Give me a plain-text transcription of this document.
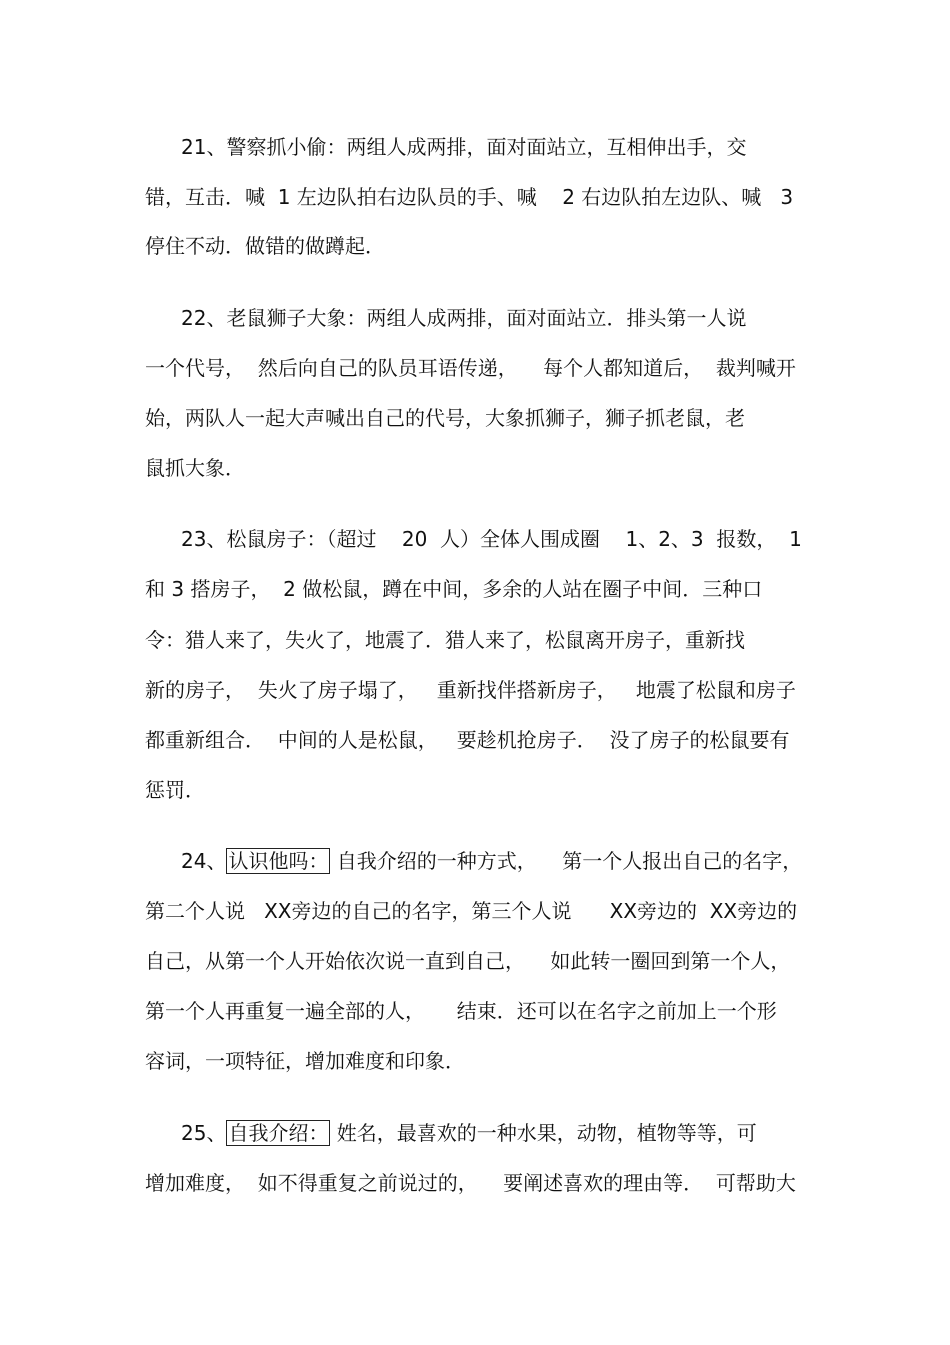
21、警察抓小偷：两组人成两排，面对面站立，互相伸出手，交
错，互击．喊  1 左边队拍右边队员的手、喊    2 右边队拍左边队、喊   3
停住不动．做错的做蹲起．
22、老鼠狮子大象：两组人成两排，面对面站立．排头第一人说
一个代号，  然后向自己的队员耳语传递，    每个人都知道后，  裁判喊开
始，两队人一起大声喊出自己的代号，大象抓狮子，狮子抓老鼠，老
鼠抓大象．
23、松鼠房子：（超过    20  人）全体人围成圈    1、2、3  报数，  1
和 3 搭房子，  2 做松鼠，蹲在中间，多余的人站在圈子中间．三种口
令：猎人来了，失火了，地震了．猎人来了，松鼠离开房子，重新找
新的房子，  失火了房子塌了，   重新找伴搭新房子，   地震了松鼠和房子
都重新组合．  中间的人是松鼠，   要趁机抢房子．  没了房子的松鼠要有
惩罚．
24、 认识他吗： 自我介绍的一种方式，    第一个人报出自己的名字，
第二个人说   XX旁边的自己的名字，第三个人说      XX旁边的  XX旁边的
自己，从第一个人开始依次说一直到自己，    如此转一圈回到第一个人，
第一个人再重复一遍全部的人，     结束．还可以在名字之前加上一个形
容词，一项特征，增加难度和印象．
25、 自我介绍： 姓名，最喜欢的一种水果，动物，植物等等，可
增加难度，  如不得重复之前说过的，    要阐述喜欢的理由等．  可帮助大
